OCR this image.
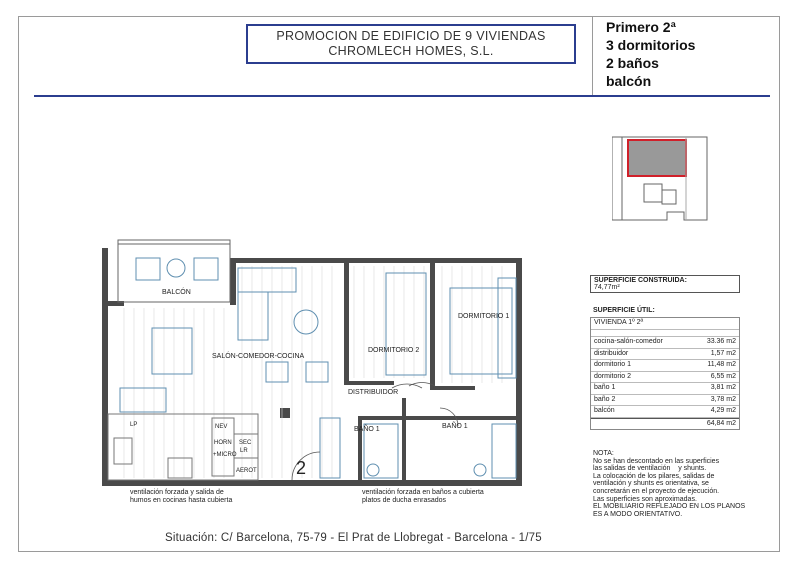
PROMOCION DE EDIFICIO DE 9 VIVIENDAS
CHROMLECH HOMES, S.L.
Primero 2ª
3 dormitorios
2 baños
balcón
BALCÓN
SALÓN-COMEDOR-COCINA
DORMITORIO 2
DORMITORIO 1
DISTRIBUIDOR
BAÑO 1	BAÑO 1
LP	NEV
HORN
+MICRO
SEC
LR
AEROT 2
ventilación forzada y salida de
humos en cocinas hasta cubierta
ventilación forzada en baños a cubierta
platos de ducha enrasados
SUPERFICIE CONSTRUIDA:
74,77m²
SUPERFICIE ÚTIL:
VIVIENDA 1º 2ª
cocina-salón-comedor	33.36 m2
distribuidor	1,57 m2
dormitorio 1	11,48 m2
dormitorio 2	6,55 m2
baño 1	3,81 m2
baño 2	3,78 m2
balcón	4,29 m2
64,84 m2
NOTA:
No se han descontado en las superficies
las salidas de ventilación    y shunts.
La colocación de los pilares, salidas de
ventilación y shunts es orientativa, se
concretarán en el proyecto de ejecución.
Las superficies son aproximadas.
EL MOBILIARIO REFLEJADO EN LOS PLANOS
ES A MODO ORIENTATIVO.
Situación: C/ Barcelona, 75-79 - El Prat de Llobregat - Barcelona - 1/75
